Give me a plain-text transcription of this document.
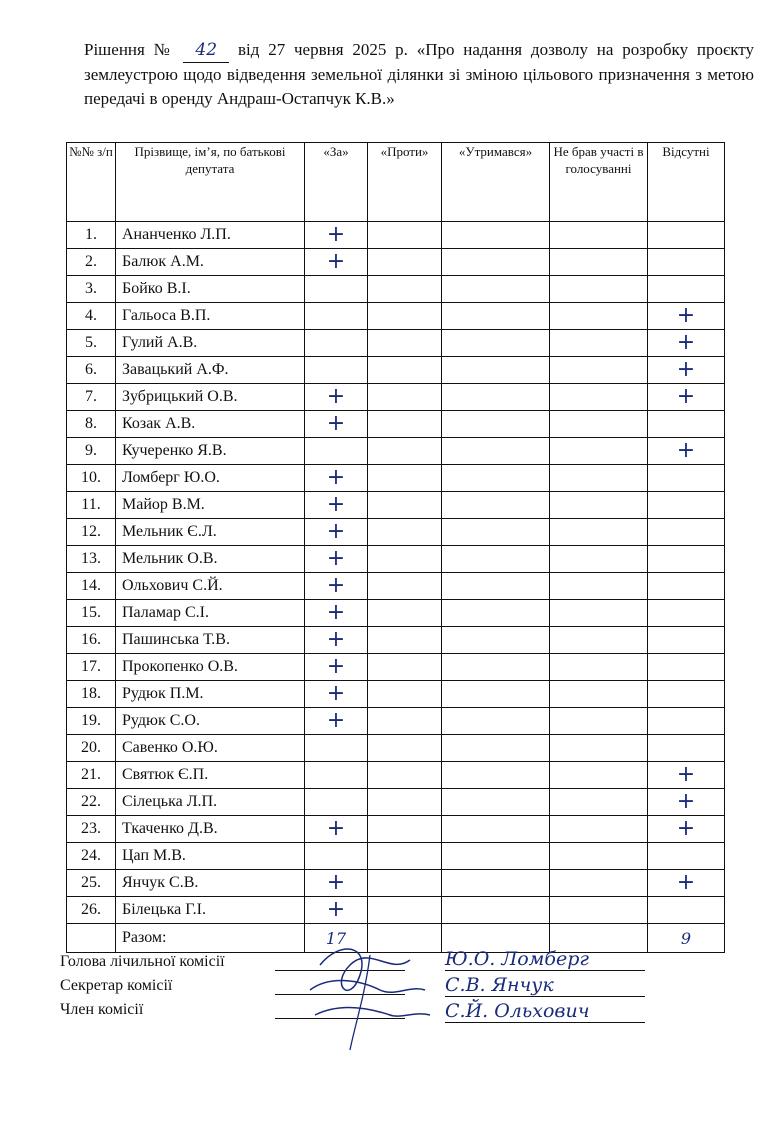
Рішення № 42 від 27 червня 2025 р. «Про надання дозволу на розробку проєкту землеустрою щодо відведення земельної ділянки зі зміною цільового призначення з метою передачі в оренду Андраш-Остапчук К.В.»
№№ з/п	Прізвище, ім’я, по батькові депутата	«За»	«Проти»	«Утримався»	Не брав участі в голосуванні	Відсутні
1.	Ананченко Л.П.	+				
2.	Балюк А.М.	+				
3.	Бойко В.І.					
4.	Гальоса В.П.					+
5.	Гулий А.В.					+
6.	Завацький А.Ф.					+
7.	Зубрицький О.В.	+				+
8.	Козак А.В.	+				
9.	Кучеренко Я.В.					+
10.	Ломберг Ю.О.	+				
11.	Майор В.М.	+				
12.	Мельник Є.Л.	+				
13.	Мельник О.В.	+				
14.	Ольхович С.Й.	+				
15.	Паламар С.І.	+				
16.	Пашинська Т.В.	+				
17.	Прокопенко О.В.	+				
18.	Рудюк П.М.	+				
19.	Рудюк С.О.	+				
20.	Савенко О.Ю.					
21.	Святюк Є.П.					+
22.	Сілецька Л.П.					+
23.	Ткаченко Д.В.	+				+
24.	Цап М.В.					
25.	Янчук С.В.	+				+
26.	Білецька Г.І.	+				
	Разом:	17				9
Голова лічильної комісії
Секретар комісії
Член комісії
Ю.О. Ломберг
С.В. Янчук
С.Й. Ольхович
